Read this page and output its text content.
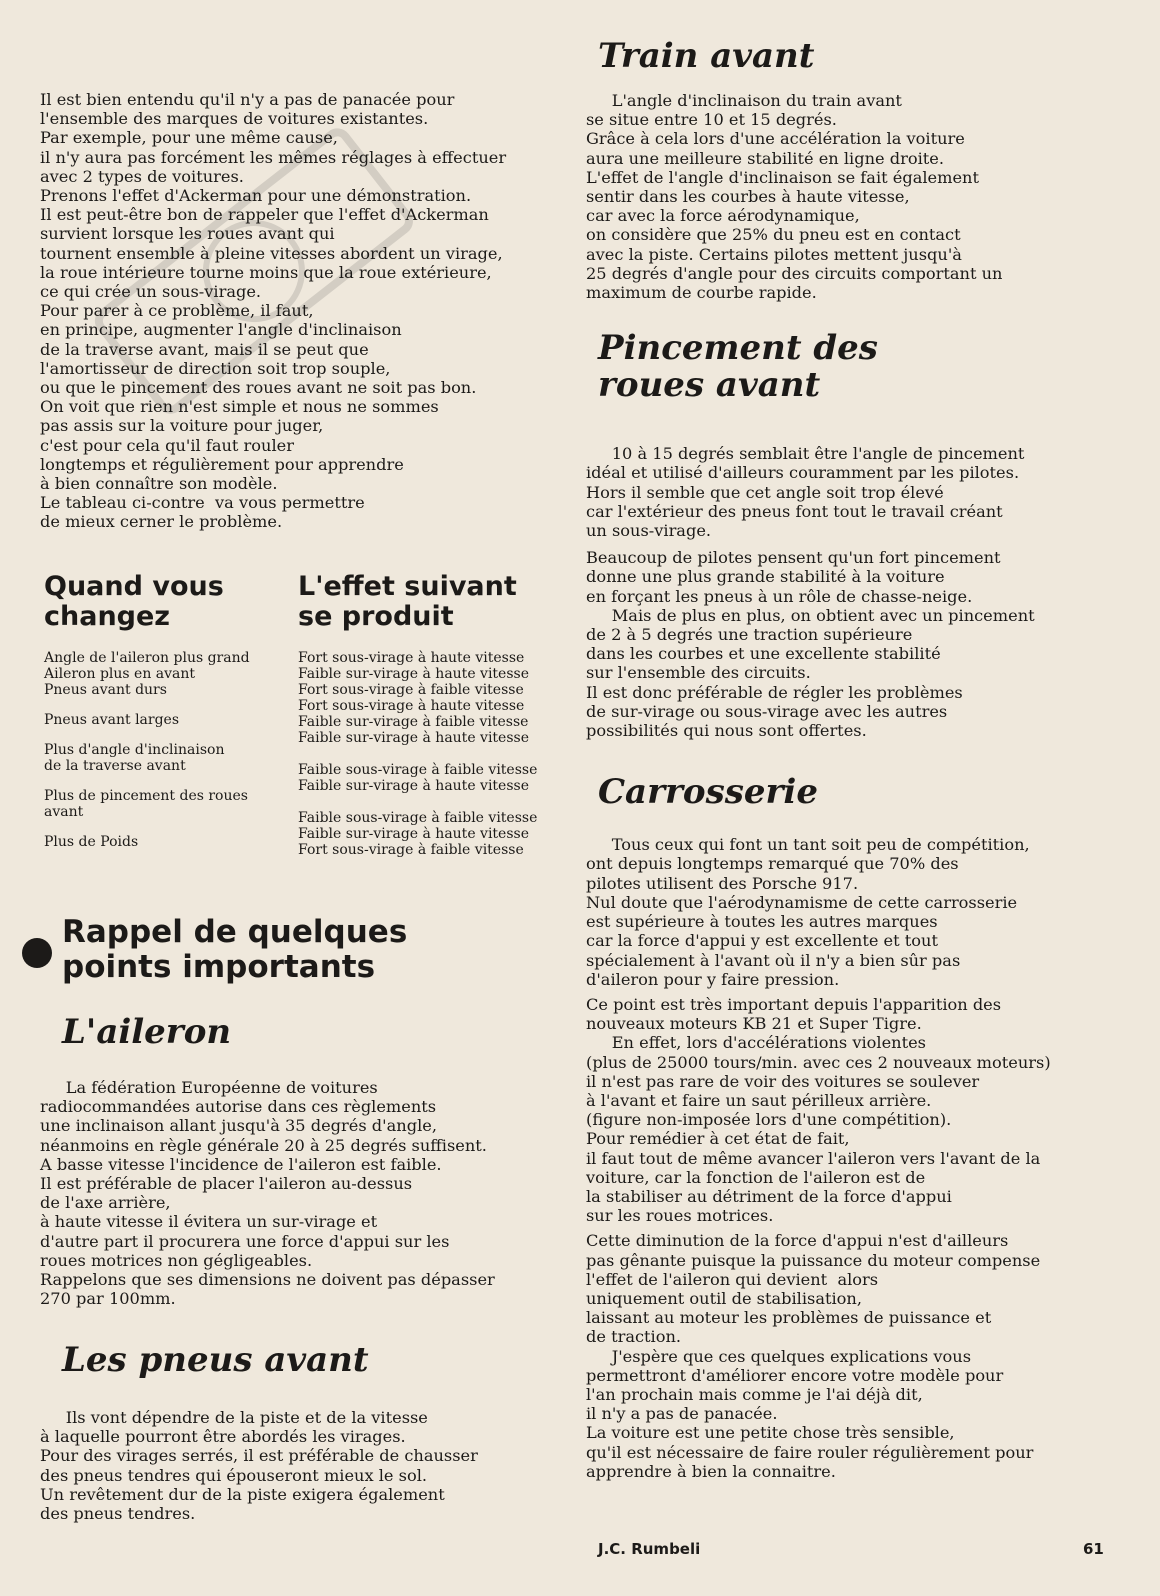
Il est bien entendu qu'il n'y a pas de panacée pour
l'ensemble des marques de voitures existantes.
Par exemple, pour une même cause,
il n'y aura pas forcément les mêmes réglages à effectuer
avec 2 types de voitures.
Prenons l'effet d'Ackerman pour une démonstration.
Il est peut-être bon de rappeler que l'effet d'Ackerman
survient lorsque les roues avant qui
tournent ensemble à pleine vitesses abordent un virage,
la roue intérieure tourne moins que la roue extérieure,
ce qui crée un sous-virage.
Pour parer à ce problème, il faut,
en principe, augmenter l'angle d'inclinaison
de la traverse avant, mais il se peut que
l'amortisseur de direction soit trop souple,
ou que le pincement des roues avant ne soit pas bon.
On voit que rien n'est simple et nous ne sommes
pas assis sur la voiture pour juger,
c'est pour cela qu'il faut rouler
longtemps et régulièrement pour apprendre
à bien connaître son modèle.
Le tableau ci-contre  va vous permettre
de mieux cerner le problème.

Quand vous
changez

Angle de l'aileron plus grand

Aileron plus en avant

Pneus avant durs

Pneus avant larges

Plus d'angle d'inclinaison
de la traverse avant

Plus de pincement des roues
avant

Plus de Poids

L'effet suivant
se produit

Fort sous-virage à haute vitesse

Faible sur-virage à haute vitesse

Fort sous-virage à faible vitesse

Fort sous-virage à haute vitesse

Faible sur-virage à faible vitesse

Faible sur-virage à haute vitesse

Faible sous-virage à faible vitesse

Faible sur-virage à haute vitesse

Faible sous-virage à faible vitesse

Faible sur-virage à haute vitesse

Fort sous-virage à faible vitesse

Rappel de quelques
points importants

L'aileron

La fédération Européenne de voitures
radiocommandées autorise dans ces règlements
une inclinaison allant jusqu'à 35 degrés d'angle,
néanmoins en règle générale 20 à 25 degrés suffisent.
A basse vitesse l'incidence de l'aileron est faible.
Il est préférable de placer l'aileron au-dessus
de l'axe arrière,
à haute vitesse il évitera un sur-virage et
d'autre part il procurera une force d'appui sur les
roues motrices non gégligeables.
Rappelons que ses dimensions ne doivent pas dépasser
270 par 100mm.

Les pneus avant

Ils vont dépendre de la piste et de la vitesse
à laquelle pourront être abordés les virages.
Pour des virages serrés, il est préférable de chausser
des pneus tendres qui épouseront mieux le sol.
Un revêtement dur de la piste exigera également
des pneus tendres.

Train avant

L'angle d'inclinaison du train avant
se situe entre 10 et 15 degrés.
Grâce à cela lors d'une accélération la voiture
aura une meilleure stabilité en ligne droite.
L'effet de l'angle d'inclinaison se fait également
sentir dans les courbes à haute vitesse,
car avec la force aérodynamique,
on considère que 25% du pneu est en contact
avec la piste. Certains pilotes mettent jusqu'à
25 degrés d'angle pour des circuits comportant un
maximum de courbe rapide.

Pincement des
roues avant

10 à 15 degrés semblait être l'angle de pincement
idéal et utilisé d'ailleurs couramment par les pilotes.
Hors il semble que cet angle soit trop élevé
car l'extérieur des pneus font tout le travail créant
un sous-virage.

Beaucoup de pilotes pensent qu'un fort pincement
donne une plus grande stabilité à la voiture
en forçant les pneus à un rôle de chasse-neige.
Mais de plus en plus, on obtient avec un pincement
de 2 à 5 degrés une traction supérieure
dans les courbes et une excellente stabilité
sur l'ensemble des circuits.
Il est donc préférable de régler les problèmes
de sur-virage ou sous-virage avec les autres
possibilités qui nous sont offertes.

Carrosserie

Tous ceux qui font un tant soit peu de compétition,
ont depuis longtemps remarqué que 70% des
pilotes utilisent des Porsche 917.
Nul doute que l'aérodynamisme de cette carrosserie
est supérieure à toutes les autres marques
car la force d'appui y est excellente et tout
spécialement à l'avant où il n'y a bien sûr pas
d'aileron pour y faire pression.

Ce point est très important depuis l'apparition des
nouveaux moteurs KB 21 et Super Tigre.
En effet, lors d'accélérations violentes
(plus de 25000 tours/min. avec ces 2 nouveaux moteurs)
il n'est pas rare de voir des voitures se soulever
à l'avant et faire un saut périlleux arrière.
(figure non-imposée lors d'une compétition).
Pour remédier à cet état de fait,
il faut tout de même avancer l'aileron vers l'avant de la
voiture, car la fonction de l'aileron est de
la stabiliser au détriment de la force d'appui
sur les roues motrices.

Cette diminution de la force d'appui n'est d'ailleurs
pas gênante puisque la puissance du moteur compense
l'effet de l'aileron qui devient  alors
uniquement outil de stabilisation,
laissant au moteur les problèmes de puissance et
de traction.
J'espère que ces quelques explications vous
permettront d'améliorer encore votre modèle pour
l'an prochain mais comme je l'ai déjà dit,
il n'y a pas de panacée.
La voiture est une petite chose très sensible,
qu'il est nécessaire de faire rouler régulièrement pour
apprendre à bien la connaitre.

J.C. Rumbeli	61
